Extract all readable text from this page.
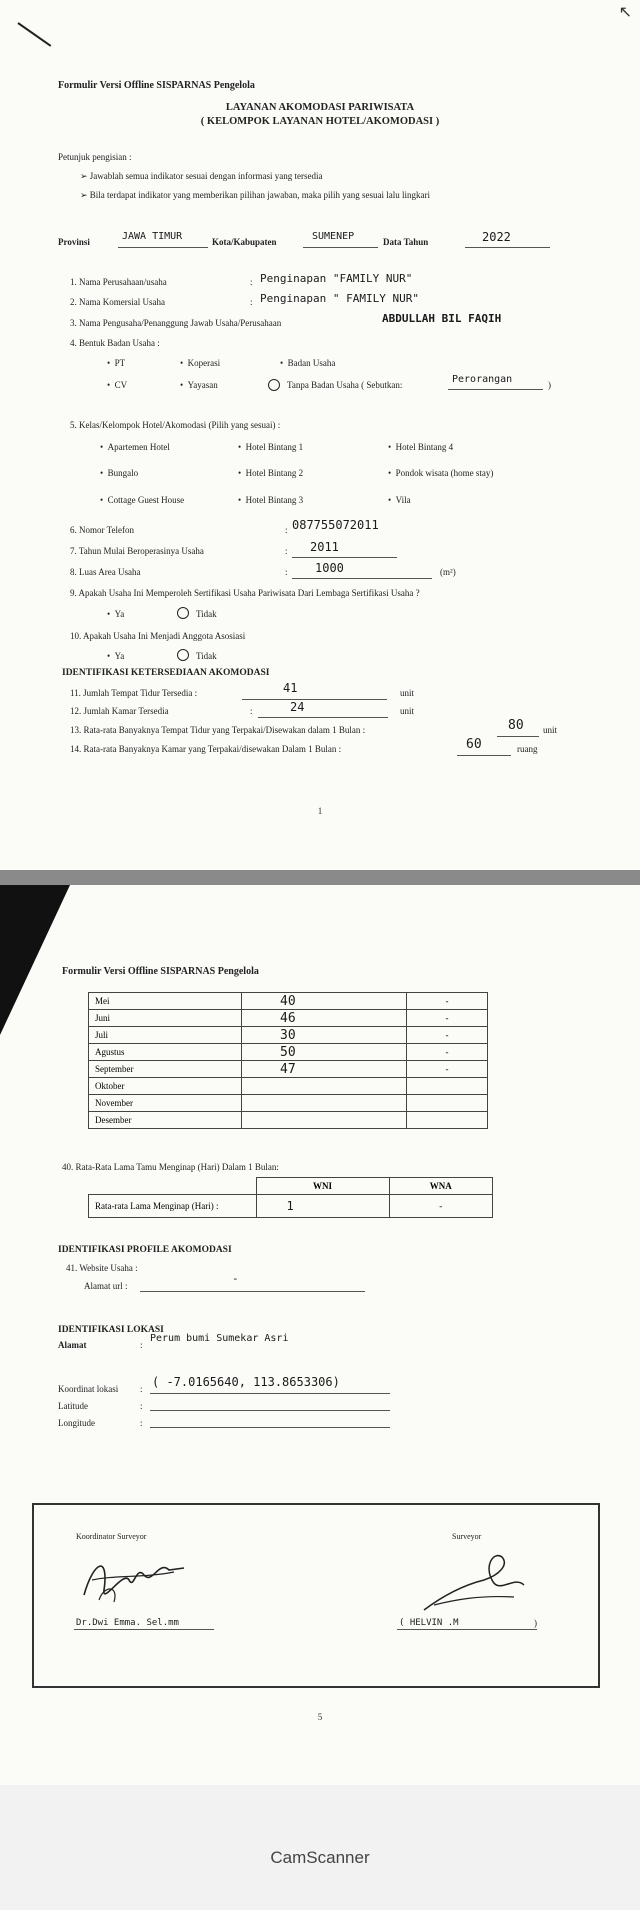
↖
Formulir Versi Offline SISPARNAS Pengelola
LAYANAN AKOMODASI PARIWISATA
( KELOMPOK LAYANAN HOTEL/AKOMODASI )
Petunjuk pengisian :
➢ Jawablah semua indikator sesuai dengan informasi yang tersedia
➢ Bila terdapat indikator yang memberikan pilihan jawaban, maka pilih yang sesuai lalu lingkari
Provinsi	JAWA TIMUR	Kota/Kabupaten	SUMENEP	Data Tahun	2022
1. Nama Perusahaan/usaha	: Penginapan "FAMILY NUR"
2. Nama Komersial Usaha	: Penginapan " FAMILY NUR"
3. Nama Pengusaha/Penanggung Jawab Usaha/Perusahaan	ABDULLAH BIL FAQIH
4. Bentuk Badan Usaha :
•  PT	•  Koperasi	•  Badan Usaha
•  CV	•  Yayasan	Tanpa Badan Usaha ( Sebutkan:	Perorangan	)
5. Kelas/Kelompok Hotel/Akomodasi (Pilih yang sesuai) :
•  Apartemen Hotel	•  Hotel Bintang 1	•  Hotel Bintang 4
•  Bungalo	•  Hotel Bintang 2	•  Pondok wisata (home stay)
•  Cottage Guest House	•  Hotel Bintang 3	•  Vila
6. Nomor Telefon	: 087755072011
7. Tahun Mulai Beroperasinya Usaha	: 2011
8. Luas Area Usaha	: 1000	(m²)
9. Apakah Usaha Ini Memperoleh Sertifikasi Usaha Pariwisata Dari Lembaga Sertifikasi Usaha ?
•  Ya	Tidak
10. Apakah Usaha Ini Menjadi Anggota Asosiasi
•  Ya	Tidak
IDENTIFIKASI KETERSEDIAAN AKOMODASI
11. Jumlah Tempat Tidur Tersedia :	41	unit
12. Jumlah Kamar Tersedia	:	24	unit
13. Rata-rata Banyaknya Tempat Tidur yang Terpakai/Disewakan dalam 1 Bulan :	80 unit
14. Rata-rata Banyaknya Kamar yang Terpakai/disewakan Dalam 1 Bulan :	60	ruang
1
Formulir Versi Offline SISPARNAS Pengelola
Mei	40	-
Juni	46	-
Juli	30	-
Agustus	50	-
September	47	-
Oktober		
November		
Desember		
40. Rata-Rata Lama Tamu Menginap (Hari) Dalam 1 Bulan:
	WNI	WNA
Rata-rata Lama Menginap (Hari) :	1	-
IDENTIFIKASI PROFILE AKOMODASI
41. Website Usaha :
Alamat url :
-
IDENTIFIKASI LOKASI
Alamat	:
Perum bumi Sumekar Asri
Koordinat lokasi : ( -7.0165640, 113.8653306)
Latitude	:
Longitude	:
5
Koordinator Surveyor	Surveyor
Dr.Dwi Emma. Sel.mm	( HELVIN .M	)
CamScanner
